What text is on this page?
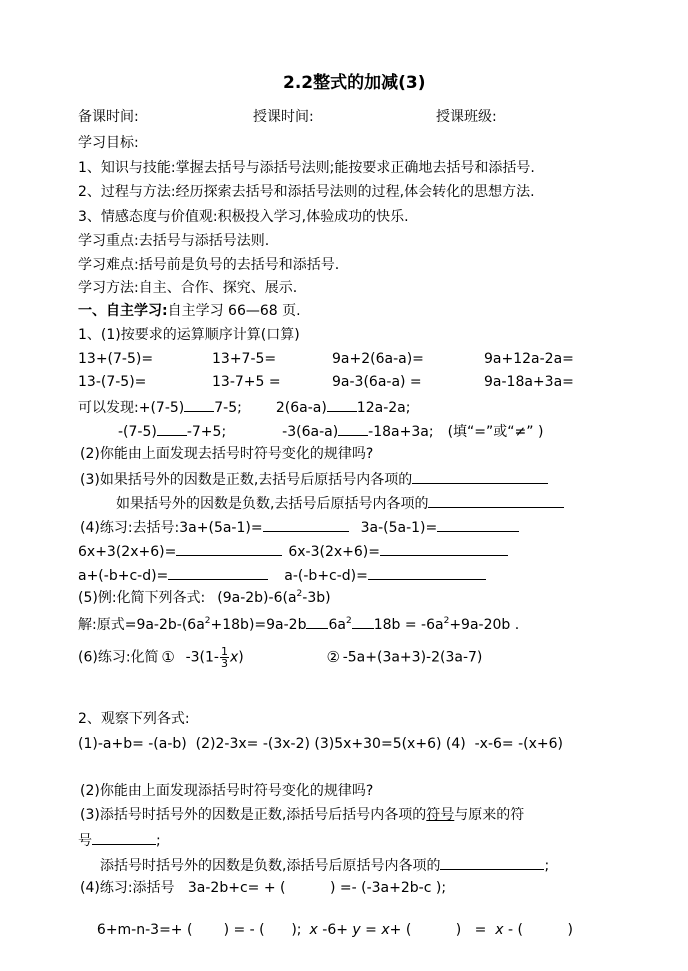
2.2整式的加减(3)
备课时间:	授课时间:	授课班级:
学习目标:
1、知识与技能:掌握去括号与添括号法则;能按要求正确地去括号和添括号.
2、过程与方法:经历探索去括号和添括号法则的过程,体会转化的思想方法.
3、情感态度与价值观:积极投入学习,体验成功的快乐.
学习重点:去括号与添括号法则.
学习难点:括号前是负号的去括号和添括号.
学习方法:自主、合作、探究、展示.
一、自主学习:自主学习 66—68 页.
1、(1)按要求的运算顺序计算(口算)
13+(7-5)=	13+7-5=	9a+2(6a-a)=	9a+12a-2a=
13-(7-5)=	13-7+5 =	9a-3(6a-a) =	9a-18a+3a=
可以发现:+(7-5) 7-5; 2(6a-a) 12a-2a;
-(7-5) -7+5;	-3(6a-a) -18a+3a; (填“=”或“≠” )
(2)你能由上面发现去括号时符号变化的规律吗?
(3)如果括号外的因数是正数,去括号后原括号内各项的
如果括号外的因数是负数,去括号后原括号内各项的
(4)练习:去括号:3a+(5a-1)=	3a-(5a-1)=
6x+3(2x+6)=	6x-3(2x+6)=
a+(-b+c-d)=	a-(-b+c-d)=
(5)例:化简下列各式: $(9a-2b)-6(a^2-3b)$
解:原式$=9a-2b-(6a^2+18b)=9a-2b$ $6a^2$ $18b = -6a^2+9a-20b$ .
(6)练习:化简 ① $-3(1- \frac{1}{3} x)$	② -5a+(3a+3)-2(3a-7)
2、观察下列各式:
(1)-a+b= -(a-b)  (2)2-3x= -(3x-2) (3)5x+30=5(x+6) (4)  -x-6= -(x+6)
(2)你能由上面发现添括号时符号变化的规律吗?
(3)添括号时括号外的因数是正数,添括号后括号内各项的符号与原来的符
号	;
添括号时括号外的因数是负数,添括号后原括号内各项的	;
(4)练习:添括号   3a-2b+c= + (          ) =- (-3a+2b-c );

6+m-n-3=+ (       ) = - (      ); x -6+ y = x+ (          )   =  x - (          )
